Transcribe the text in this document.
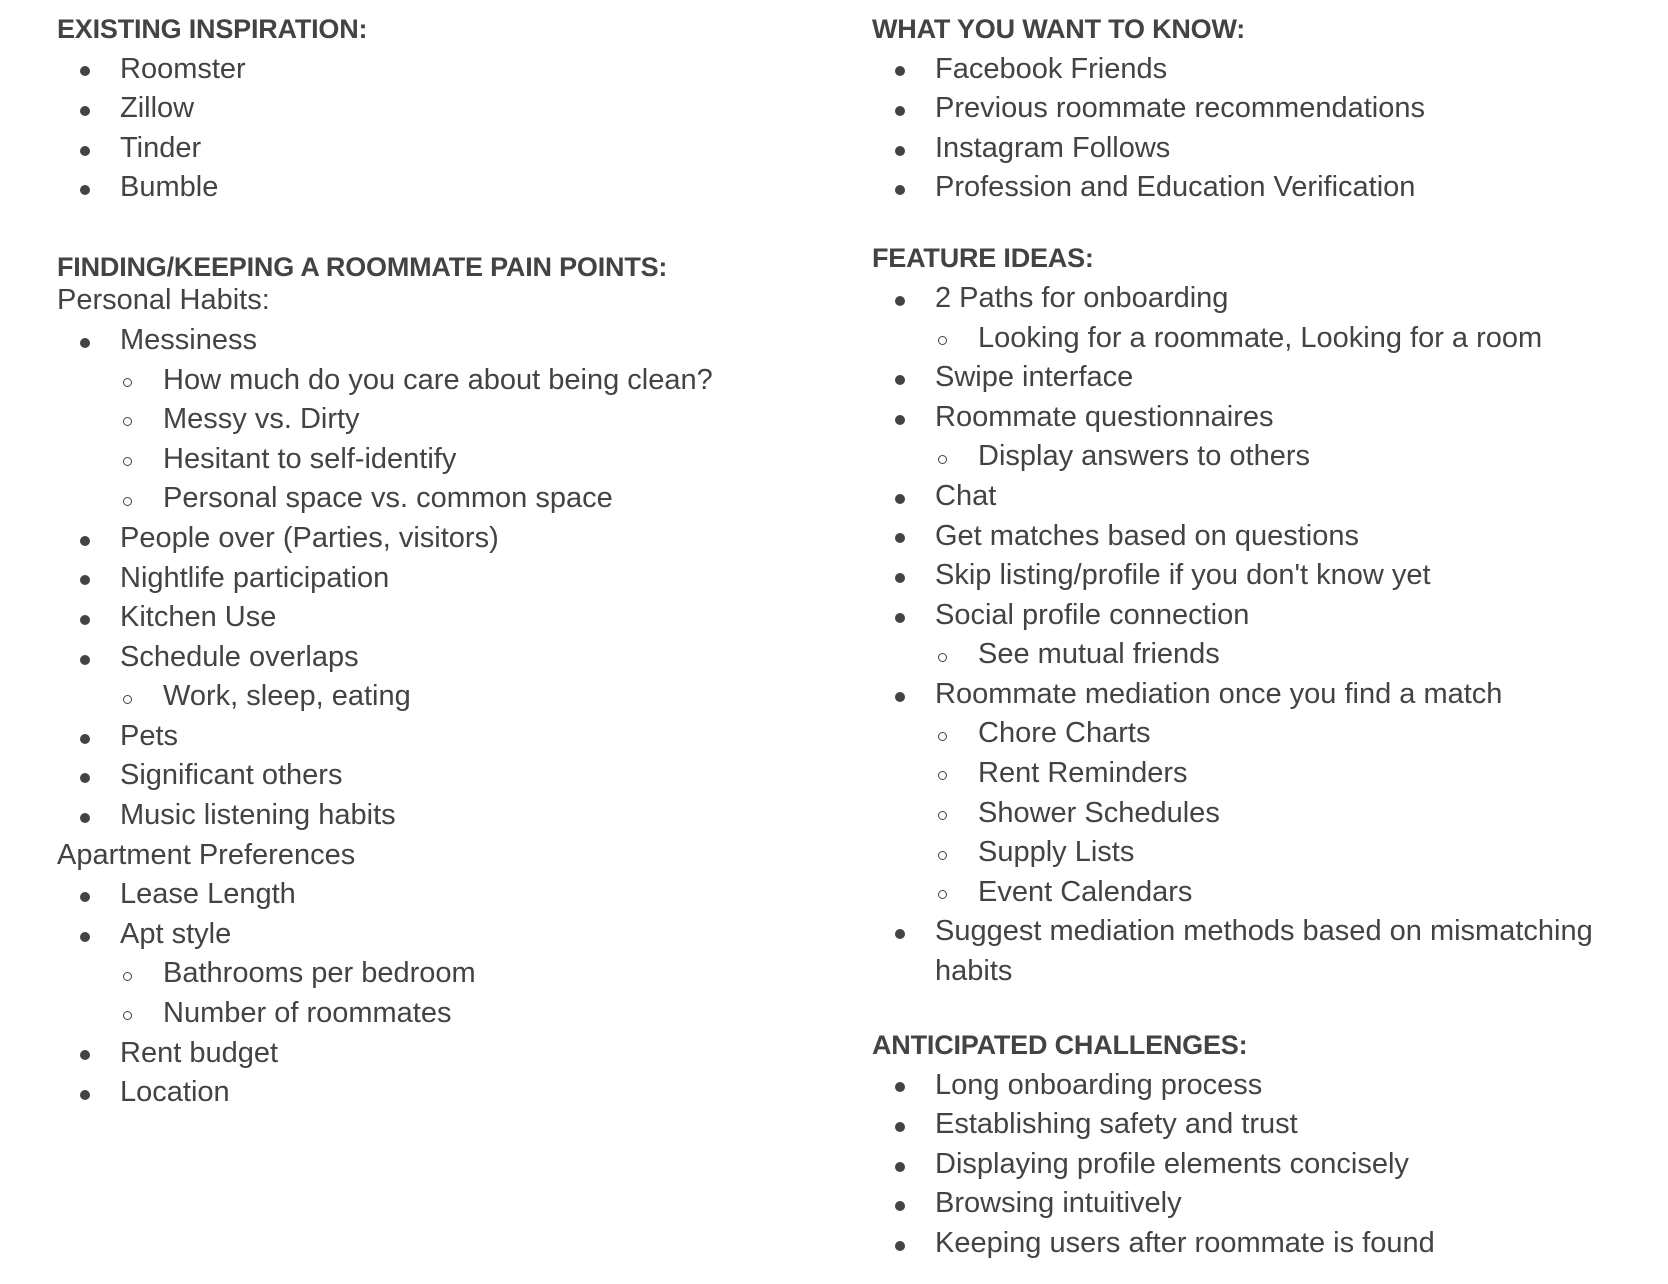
EXISTING INSPIRATION:
Roomster
Zillow
Tinder
Bumble
FINDING/KEEPING A ROOMMATE PAIN POINTS:

Personal Habits:

Messiness
How much do you care about being clean?
Messy vs. Dirty
Hesitant to self-identify
Personal space vs. common space
People over (Parties, visitors)
Nightlife participation
Kitchen Use
Schedule overlaps
Work, sleep, eating
Pets
Significant others
Music listening habits

Apartment Preferences

Lease Length
Apt style
Bathrooms per bedroom
Number of roommates
Rent budget
Location
WHAT YOU WANT TO KNOW:
Facebook Friends
Previous roommate recommendations
Instagram Follows
Profession and Education Verification
FEATURE IDEAS:
2 Paths for onboarding
Looking for a roommate, Looking for a room
Swipe interface
Roommate questionnaires
Display answers to others
Chat
Get matches based on questions
Skip listing/profile if you don't know yet
Social profile connection
See mutual friends
Roommate mediation once you find a match
Chore Charts
Rent Reminders
Shower Schedules
Supply Lists
Event Calendars
Suggest mediation methods based on mismatching habits
ANTICIPATED CHALLENGES:
Long onboarding process
Establishing safety and trust
Displaying profile elements concisely
Browsing intuitively
Keeping users after roommate is found
